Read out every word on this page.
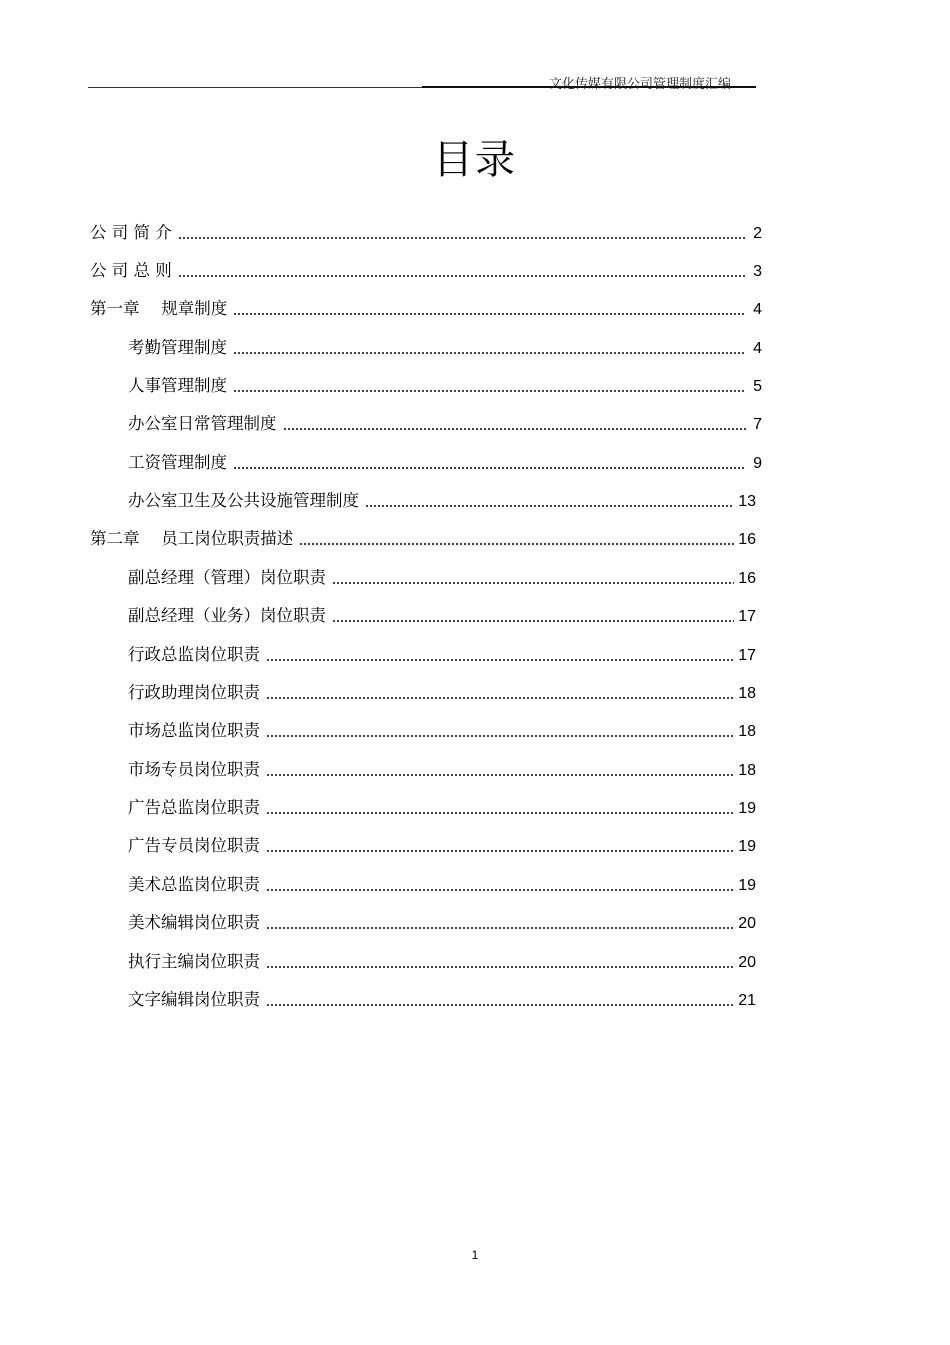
文化传媒有限公司管理制度汇编
目录
公 司 简 介	2
公 司 总 则	3
第一章 　规章制度	4
考勤管理制度	4
人事管理制度	5
办公室日常管理制度	7
工资管理制度	9
办公室卫生及公共设施管理制度	13
第二章 　员工岗位职责描述	16
副总经理（管理）岗位职责	16
副总经理（业务）岗位职责	17
行政总监岗位职责	17
行政助理岗位职责	18
市场总监岗位职责	18
市场专员岗位职责	18
广告总监岗位职责	19
广告专员岗位职责	19
美术总监岗位职责	19
美术编辑岗位职责	20
执行主编岗位职责	20
文字编辑岗位职责	21
1
